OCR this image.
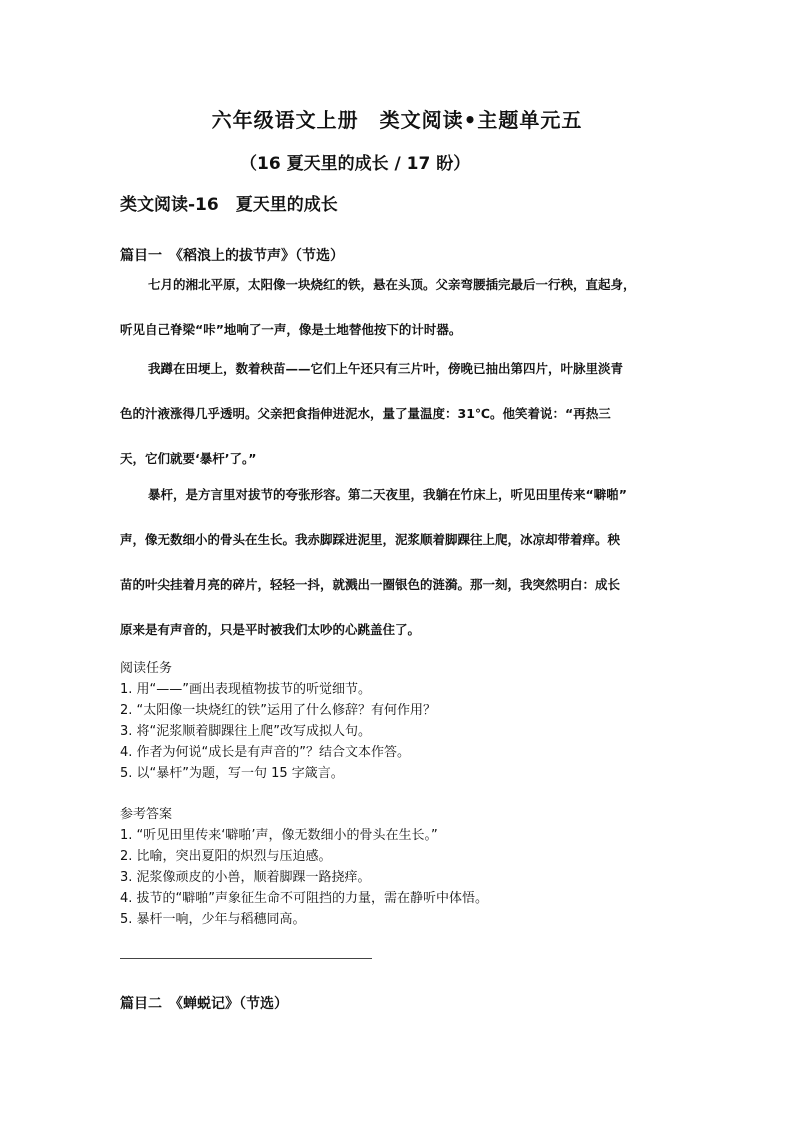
六年级语文上册　类文阅读•主题单元五
（16 夏天里的成长 / 17 盼）
类文阅读-16　夏天里的成长
篇目一　《稻浪上的拔节声》（节选）
七月的湘北平原，太阳像一块烧红的铁，悬在头顶。父亲弯腰插完最后一行秧，直起身，
听见自己脊梁“咔”地响了一声，像是土地替他按下的计时器。
我蹲在田埂上，数着秧苗——它们上午还只有三片叶，傍晚已抽出第四片，叶脉里淡青
色的汁液涨得几乎透明。父亲把食指伸进泥水，量了量温度：31℃。他笑着说：“再热三
天，它们就要‘暴杆’了。”
暴杆，是方言里对拔节的夸张形容。第二天夜里，我躺在竹床上，听见田里传来“噼啪”
声，像无数细小的骨头在生长。我赤脚踩进泥里，泥浆顺着脚踝往上爬，冰凉却带着痒。秧
苗的叶尖挂着月亮的碎片，轻轻一抖，就溅出一圈银色的涟漪。那一刻，我突然明白：成长
原来是有声音的，只是平时被我们太吵的心跳盖住了。
阅读任务
1. 用“——”画出表现植物拔节的听觉细节。
2. “太阳像一块烧红的铁”运用了什么修辞？有何作用？
3. 将“泥浆顺着脚踝往上爬”改写成拟人句。
4. 作者为何说“成长是有声音的”？结合文本作答。
5. 以“暴杆”为题，写一句 15 字箴言。
参考答案
1. “听见田里传来‘噼啪’声，像无数细小的骨头在生长。”
2. 比喻，突出夏阳的炽烈与压迫感。
3. 泥浆像顽皮的小兽，顺着脚踝一路挠痒。
4. 拔节的“噼啪”声象征生命不可阻挡的力量，需在静听中体悟。
5. 暴杆一响，少年与稻穗同高。
篇目二　《蝉蜕记》（节选）
